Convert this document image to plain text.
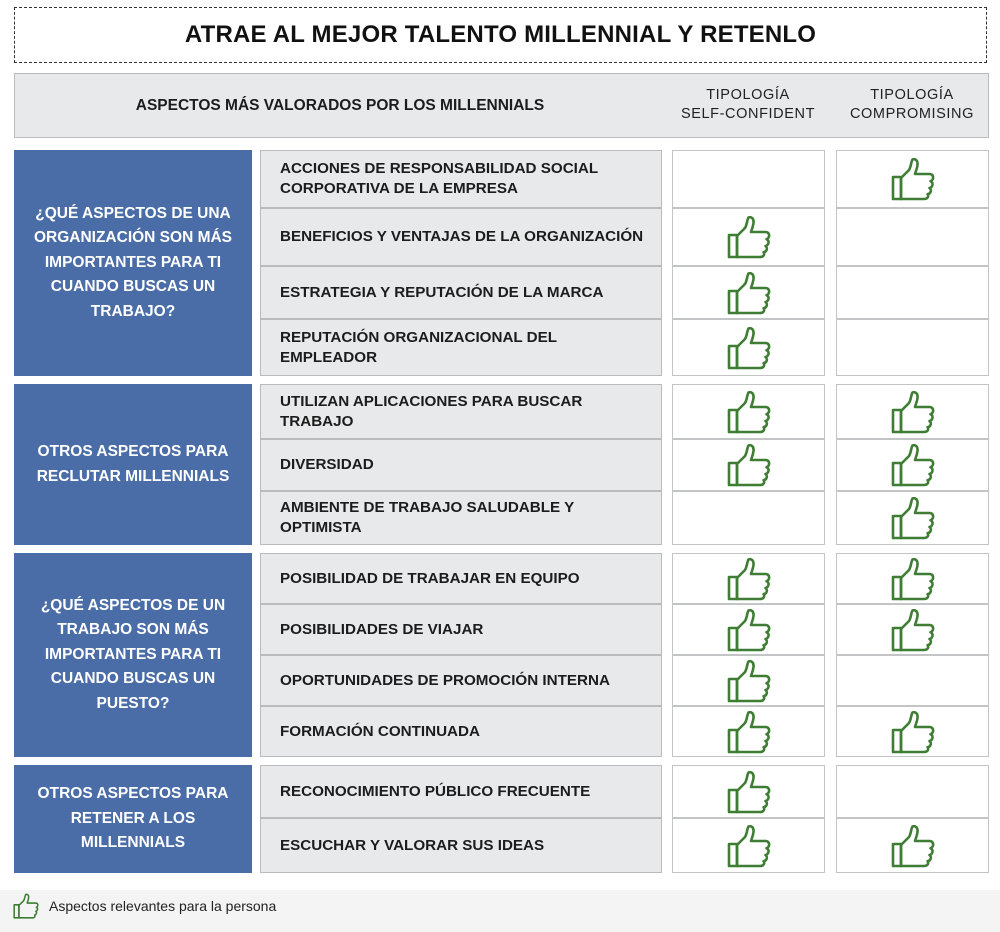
ATRAE AL MEJOR TALENTO MILLENNIAL Y RETENLO
ASPECTOS MÁS VALORADOS POR LOS MILLENNIALS
TIPOLOGÍA
SELF-CONFIDENT
TIPOLOGÍA
COMPROMISING
¿QUÉ ASPECTOS DE UNA ORGANIZACIÓN SON MÁS IMPORTANTES PARA TI CUANDO BUSCAS UN TRABAJO?
ACCIONES DE RESPONSABILIDAD SOCIAL CORPORATIVA DE LA EMPRESA
BENEFICIOS Y VENTAJAS DE LA ORGANIZACIÓN
ESTRATEGIA Y REPUTACIÓN DE LA MARCA
REPUTACIÓN ORGANIZACIONAL DEL EMPLEADOR
OTROS ASPECTOS PARA RECLUTAR MILLENNIALS
UTILIZAN APLICACIONES PARA BUSCAR TRABAJO
DIVERSIDAD
AMBIENTE DE TRABAJO SALUDABLE Y OPTIMISTA
¿QUÉ ASPECTOS DE UN TRABAJO SON MÁS IMPORTANTES PARA TI CUANDO BUSCAS UN PUESTO?
POSIBILIDAD DE TRABAJAR EN EQUIPO
POSIBILIDADES DE VIAJAR
OPORTUNIDADES DE PROMOCIÓN INTERNA
FORMACIÓN CONTINUADA
OTROS ASPECTOS PARA RETENER A LOS MILLENNIALS
RECONOCIMIENTO PÚBLICO FRECUENTE
ESCUCHAR Y VALORAR SUS IDEAS
Aspectos relevantes para la persona
